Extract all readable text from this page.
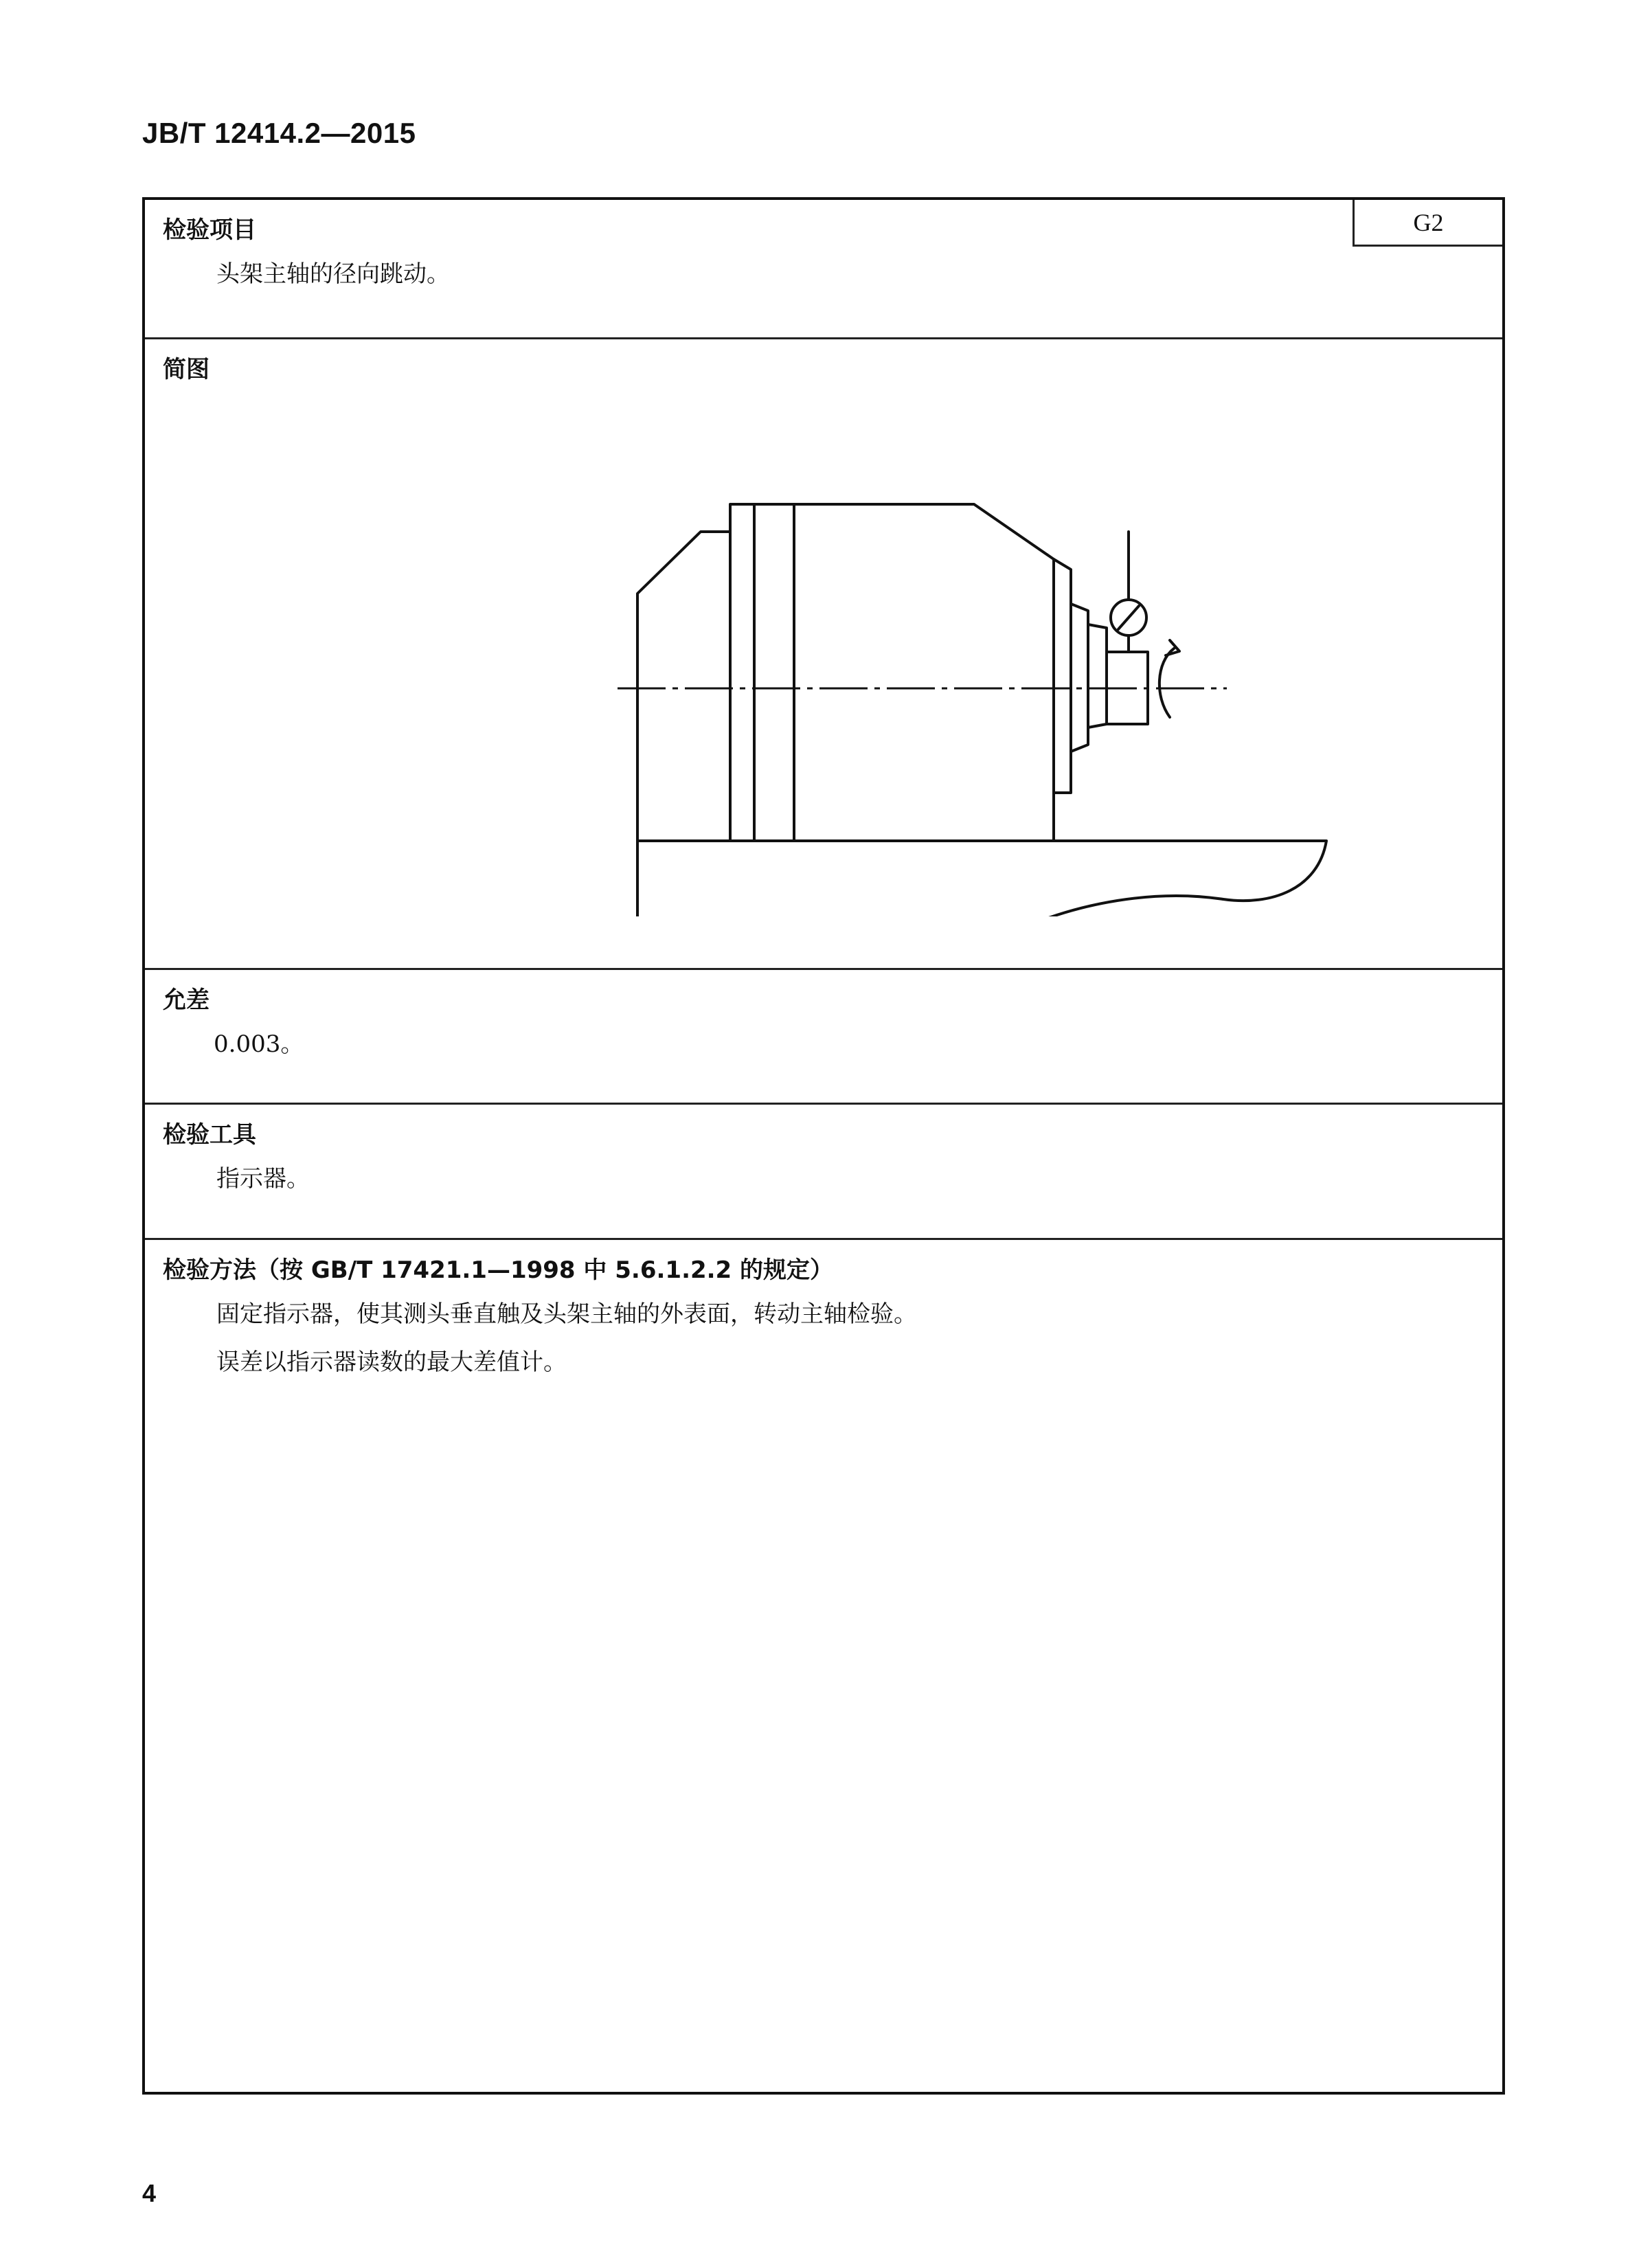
JB/T 12414.2—2015
检验项目	G2
头架主轴的径向跳动。
简图
允差
0.003。
检验工具
指示器。
检验方法（按 GB/T 17421.1—1998 中 5.6.1.2.2 的规定）
固定指示器，使其测头垂直触及头架主轴的外表面，转动主轴检验。
误差以指示器读数的最大差值计。
4
